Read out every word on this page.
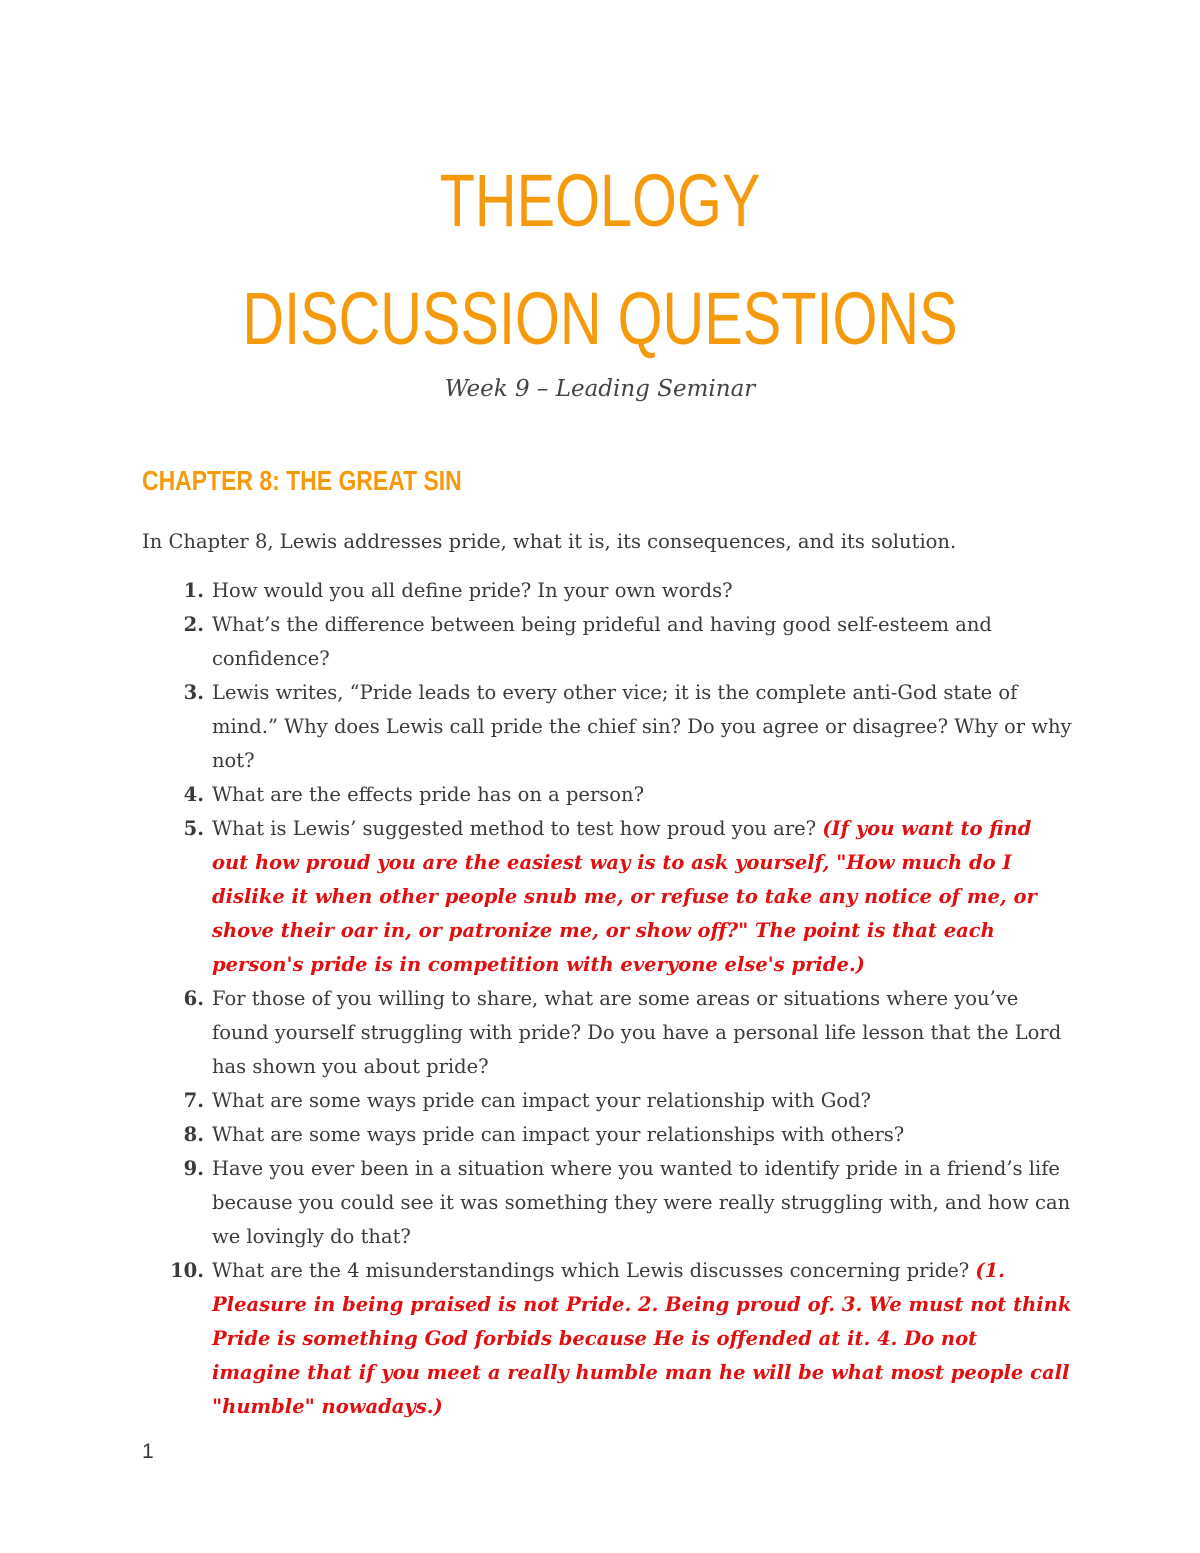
THEOLOGY
DISCUSSION QUESTIONS
Week 9 – Leading Seminar
CHAPTER 8: THE GREAT SIN

In Chapter 8, Lewis addresses pride, what it is, its consequences, and its solution.

1. How would you all define pride? In your own words?
2. What’s the difference between being prideful and having good self-esteem and confidence?
3. Lewis writes, “Pride leads to every other vice; it is the complete anti-God state of mind.” Why does Lewis call pride the chief sin? Do you agree or disagree? Why or why not?
4. What are the effects pride has on a person?
5. What is Lewis’ suggested method to test how proud you are? (If you want to find out how proud you are the easiest way is to ask yourself, "How much do I dislike it when other people snub me, or refuse to take any notice of me, or shove their oar in, or patronize me, or show off?" The point is that each person's pride is in competition with everyone else's pride.)
6. For those of you willing to share, what are some areas or situations where you’ve found yourself struggling with pride? Do you have a personal life lesson that the Lord has shown you about pride?
7. What are some ways pride can impact your relationship with God?
8. What are some ways pride can impact your relationships with others?
9. Have you ever been in a situation where you wanted to identify pride in a friend’s life because you could see it was something they were really struggling with, and how can we lovingly do that?
10. What are the 4 misunderstandings which Lewis discusses concerning pride? (1. Pleasure in being praised is not Pride. 2. Being proud of. 3. We must not think Pride is something God forbids because He is offended at it. 4. Do not imagine that if you meet a really humble man he will be what most people call "humble" nowadays.)
1
